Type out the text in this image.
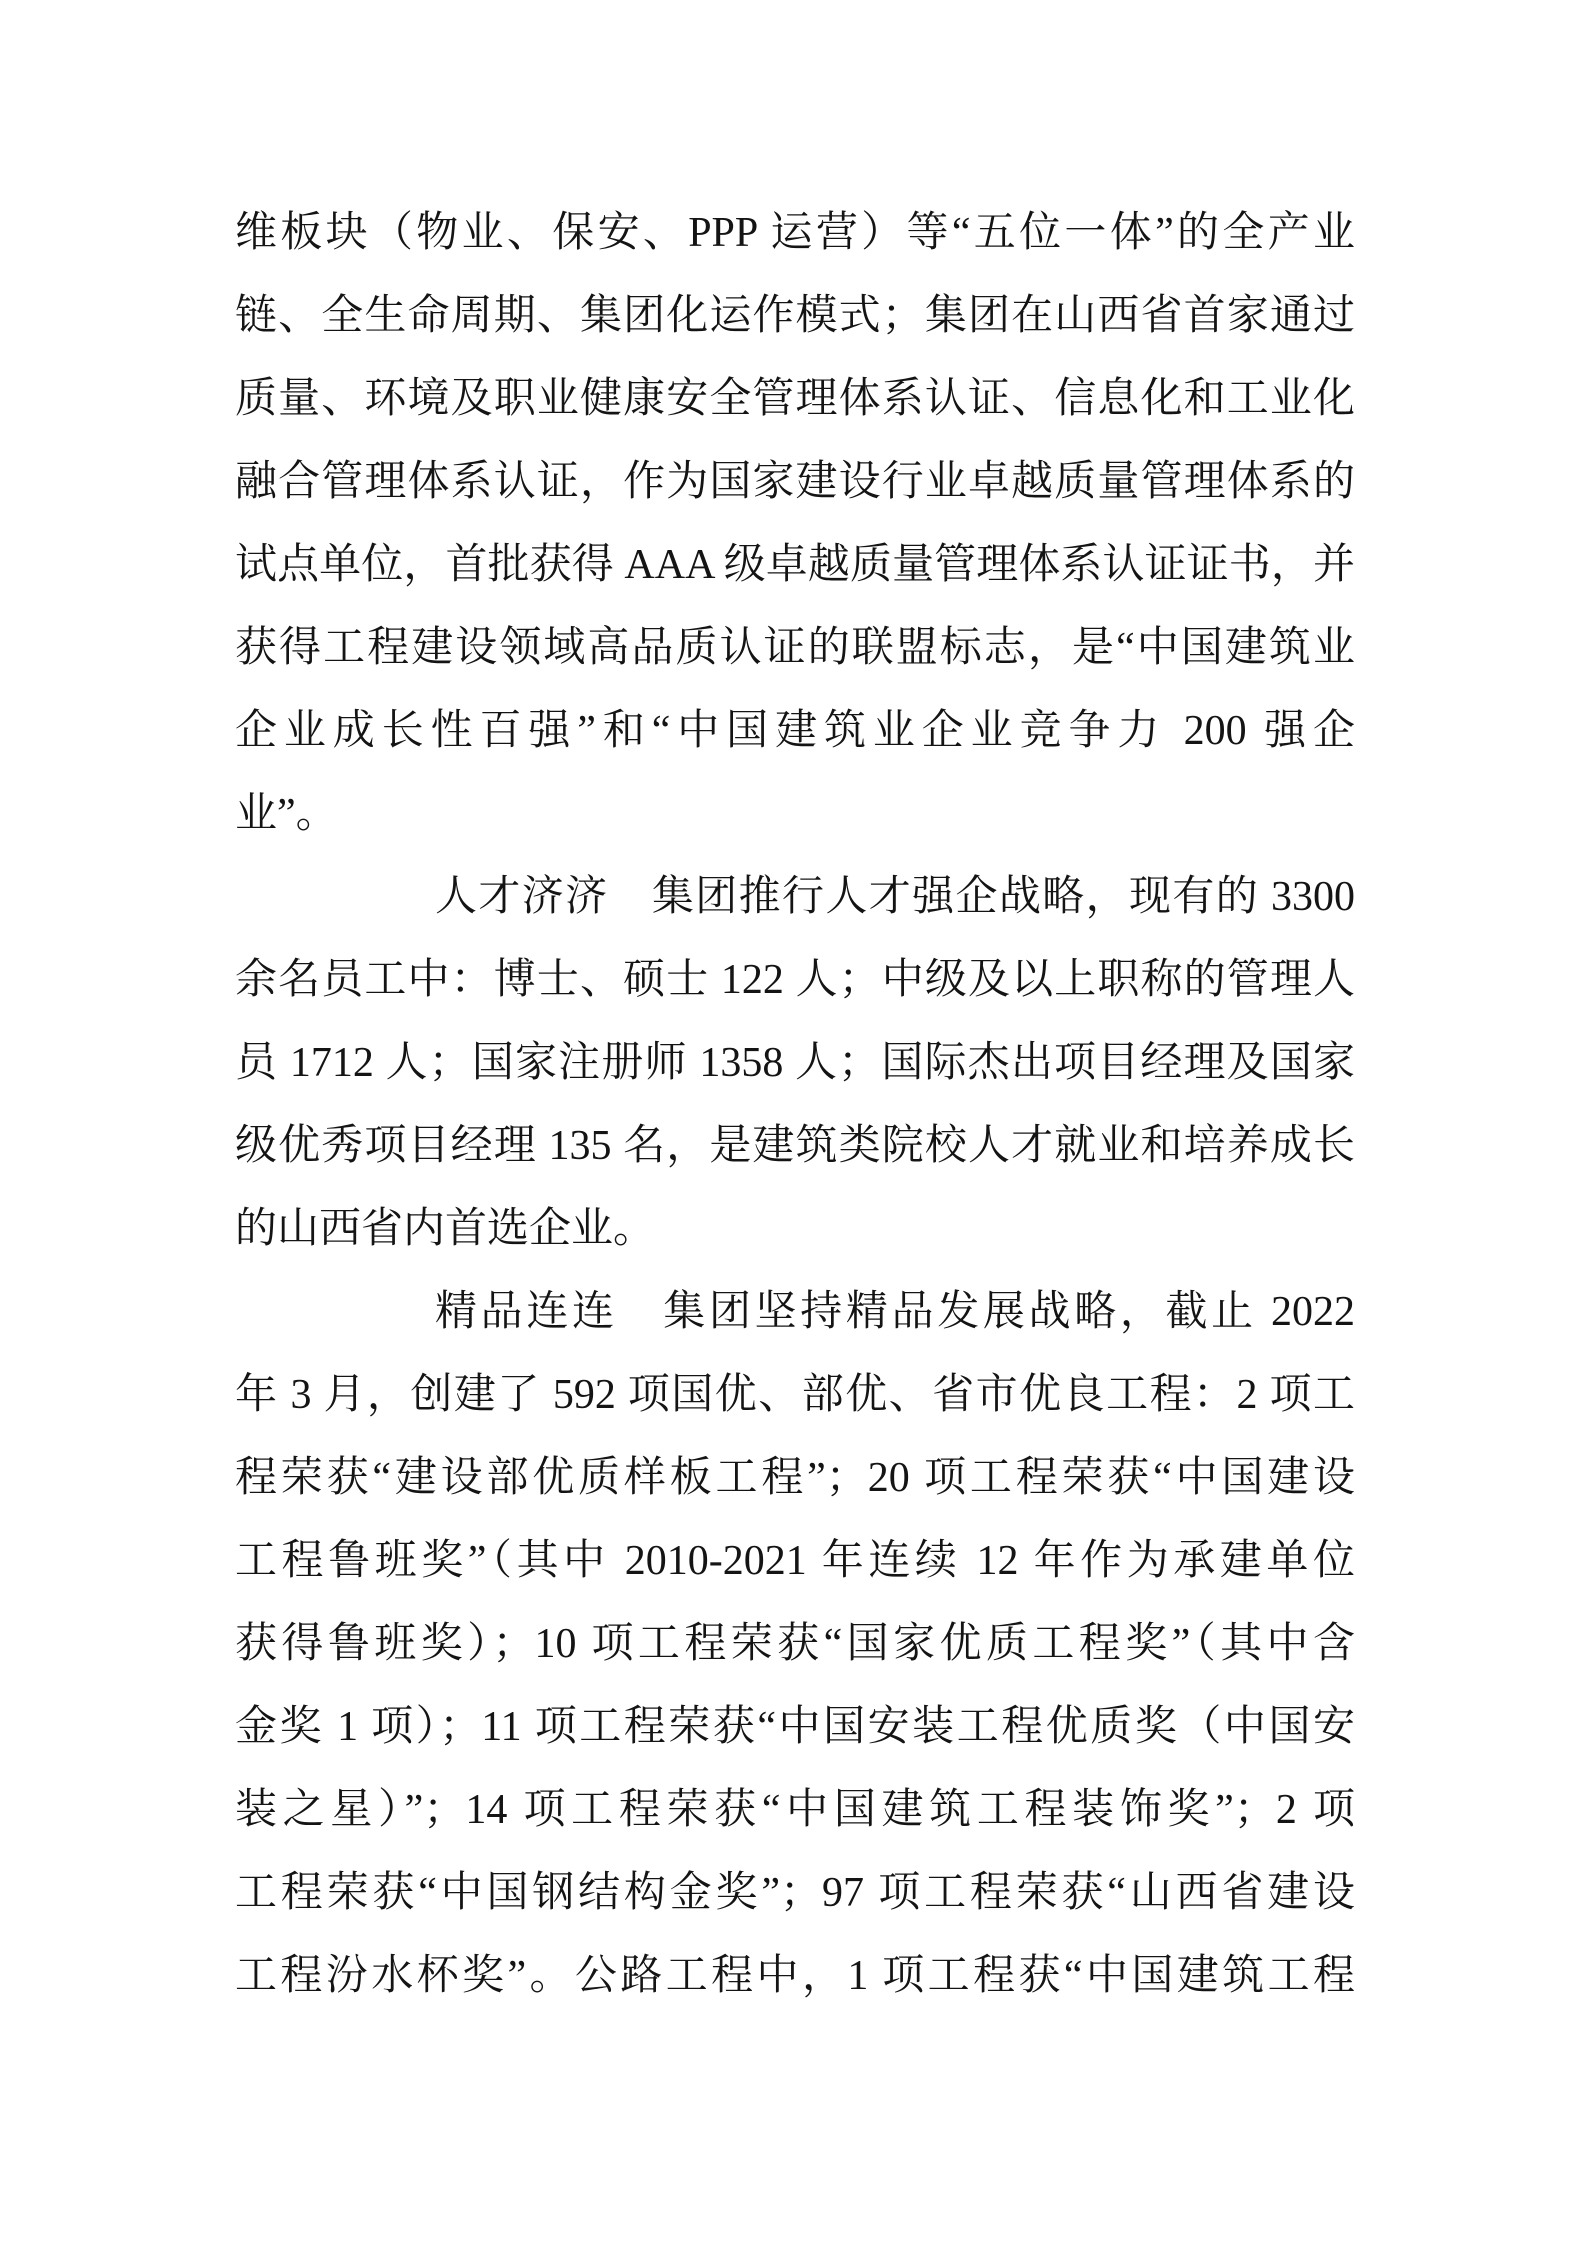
维板块（物业、保安、PPP 运营）等“五位一体”的全产业
链、全生命周期、集团化运作模式；集团在山西省首家通过
质量、环境及职业健康安全管理体系认证、信息化和工业化
融合管理体系认证，作为国家建设行业卓越质量管理体系的
试点单位，首批获得 AAA 级卓越质量管理体系认证证书，并
获得工程建设领域高品质认证的联盟标志，是“中国建筑业
企业成长性百强”和“中国建筑业企业竞争力 200 强企
业”。
人才济济　集团推行人才强企战略，现有的 3300
余名员工中：博士、硕士 122 人；中级及以上职称的管理人
员 1712 人；国家注册师 1358 人；国际杰出项目经理及国家
级优秀项目经理 135 名，是建筑类院校人才就业和培养成长
的山西省内首选企业。
精品连连　集团坚持精品发展战略，截止 2022
年 3 月，创建了 592 项国优、部优、省市优良工程：2 项工
程荣获“建设部优质样板工程”；20 项工程荣获“中国建设
工程鲁班奖”（其中 2010-2021 年连续 12 年作为承建单位
获得鲁班奖）；10 项工程荣获“国家优质工程奖”（其中含
金奖 1 项）；11 项工程荣获“中国安装工程优质奖（中国安
装之星）”；14 项工程荣获“中国建筑工程装饰奖”；2 项
工程荣获“中国钢结构金奖”；97 项工程荣获“山西省建设
工程汾水杯奖”。公路工程中，1 项工程获“中国建筑工程
